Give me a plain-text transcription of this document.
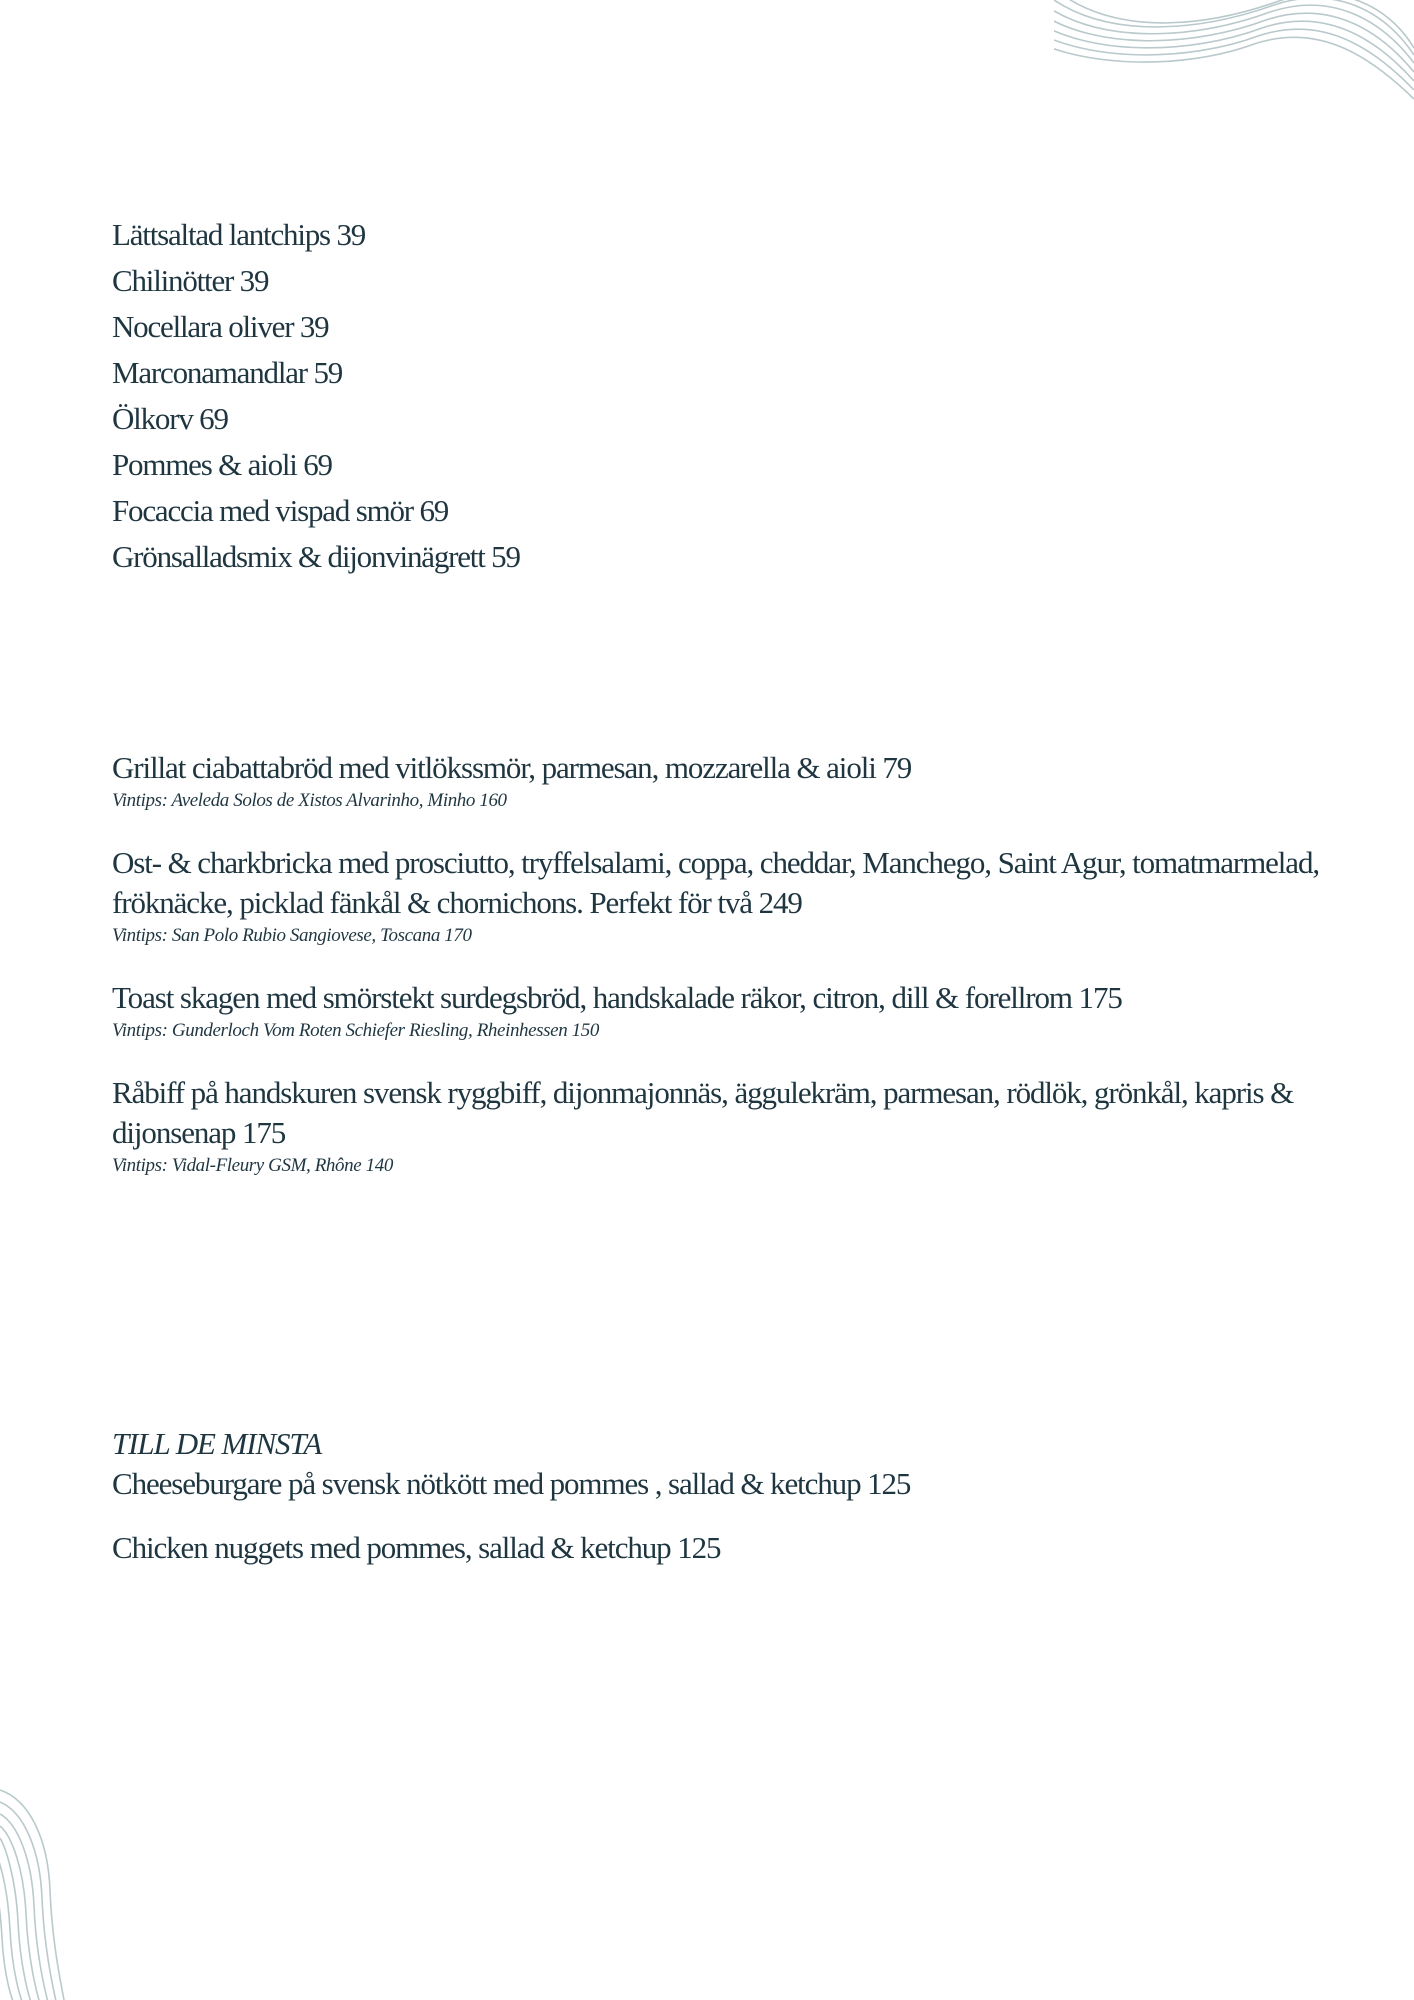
Lättsaltad lantchips 39
Chilinötter 39
Nocellara oliver 39
Marconamandlar 59
Ölkorv 69
Pommes & aioli 69
Focaccia med vispad smör 69
Grönsalladsmix & dijonvinägrett 59
Grillat ciabattabröd med vitlökssmör, parmesan, mozzarella & aioli 79
Vintips: Aveleda Solos de Xistos Alvarinho, Minho 160
Ost- & charkbricka med prosciutto, tryffelsalami, coppa, cheddar, Manchego, Saint Agur, tomatmarmelad, fröknäcke, picklad fänkål & chornichons. Perfekt för två 249
Vintips: San Polo Rubio Sangiovese, Toscana 170
Toast skagen med smörstekt surdegsbröd, handskalade räkor, citron, dill & forellrom 175
Vintips: Gunderloch Vom Roten Schiefer Riesling, Rheinhessen 150
Råbiff på handskuren svensk ryggbiff, dijonmajonnäs, äggulekräm, parmesan, rödlök, grönkål, kapris & dijonsenap 175
Vintips: Vidal-Fleury GSM, Rhône 140
TILL DE MINSTA
Cheeseburgare på svensk nötkött med pommes , sallad & ketchup 125
Chicken nuggets med pommes, sallad & ketchup 125
